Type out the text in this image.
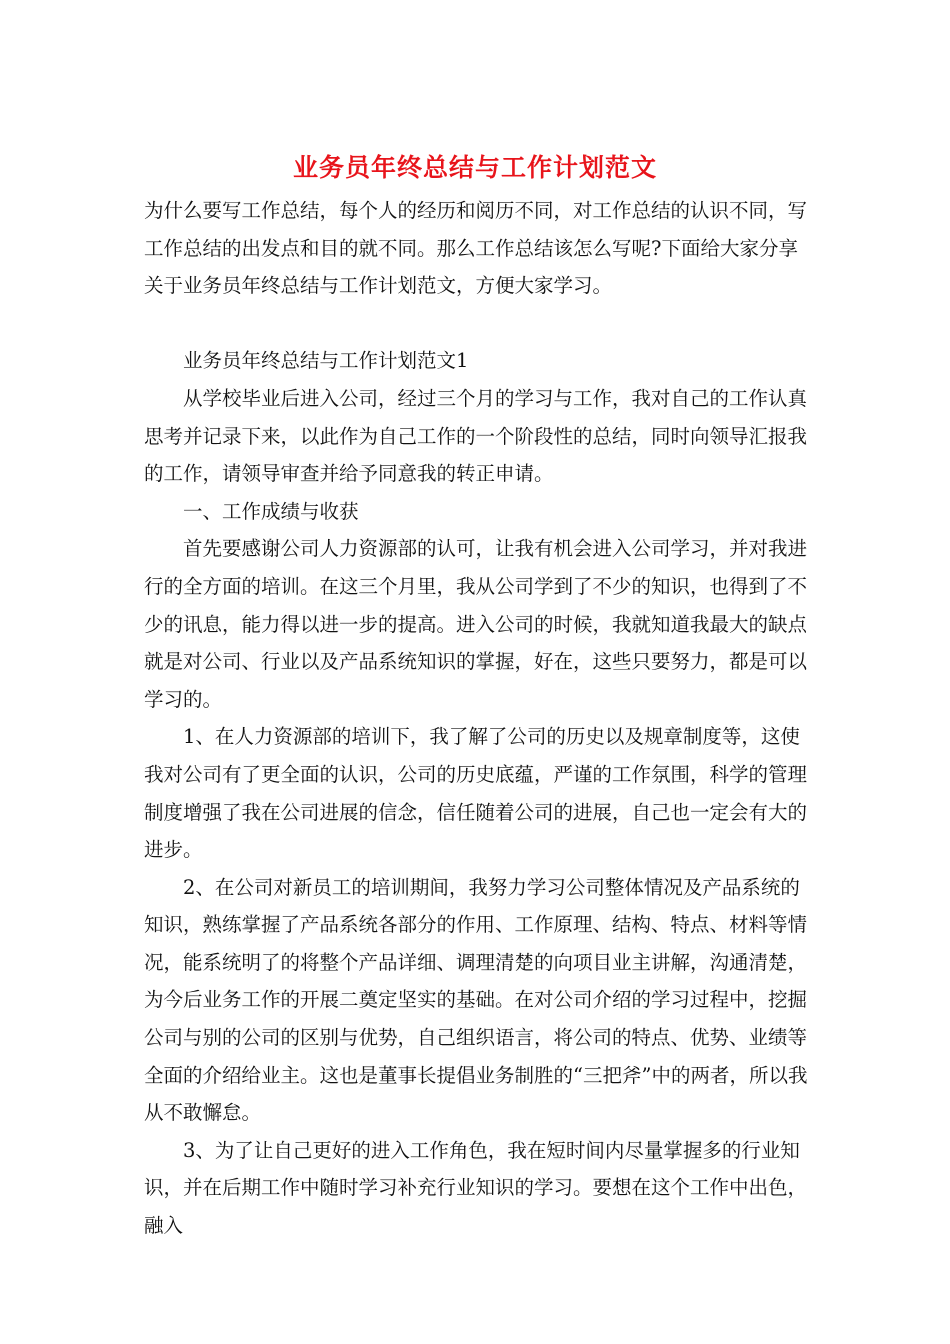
业务员年终总结与工作计划范文

为什么要写工作总结，每个人的经历和阅历不同，对工作总结的认识不同，写工作总结的出发点和目的就不同。那么工作总结该怎么写呢?下面给大家分享关于业务员年终总结与工作计划范文，方便大家学习。

业务员年终总结与工作计划范文1

从学校毕业后进入公司，经过三个月的学习与工作，我对自己的工作认真思考并记录下来，以此作为自己工作的一个阶段性的总结，同时向领导汇报我的工作，请领导审查并给予同意我的转正申请。

一、工作成绩与收获

首先要感谢公司人力资源部的认可，让我有机会进入公司学习，并对我进行的全方面的培训。在这三个月里，我从公司学到了不少的知识，也得到了不少的讯息，能力得以进一步的提高。进入公司的时候，我就知道我最大的缺点就是对公司、行业以及产品系统知识的掌握，好在，这些只要努力，都是可以学习的。

1、在人力资源部的培训下，我了解了公司的历史以及规章制度等，这使我对公司有了更全面的认识，公司的历史底蕴，严谨的工作氛围，科学的管理制度增强了我在公司进展的信念，信任随着公司的进展，自己也一定会有大的进步。

2、在公司对新员工的培训期间，我努力学习公司整体情况及产品系统的知识，熟练掌握了产品系统各部分的作用、工作原理、结构、特点、材料等情况，能系统明了的将整个产品详细、调理清楚的向项目业主讲解，沟通清楚，为今后业务工作的开展二奠定坚实的基础。在对公司介绍的学习过程中，挖掘公司与别的公司的区别与优势，自己组织语言，将公司的特点、优势、业绩等全面的介绍给业主。这也是董事长提倡业务制胜的“三把斧”中的两者，所以我从不敢懈怠。

3、为了让自己更好的进入工作角色，我在短时间内尽量掌握多的行业知识，并在后期工作中随时学习补充行业知识的学习。要想在这个工作中出色，融入
